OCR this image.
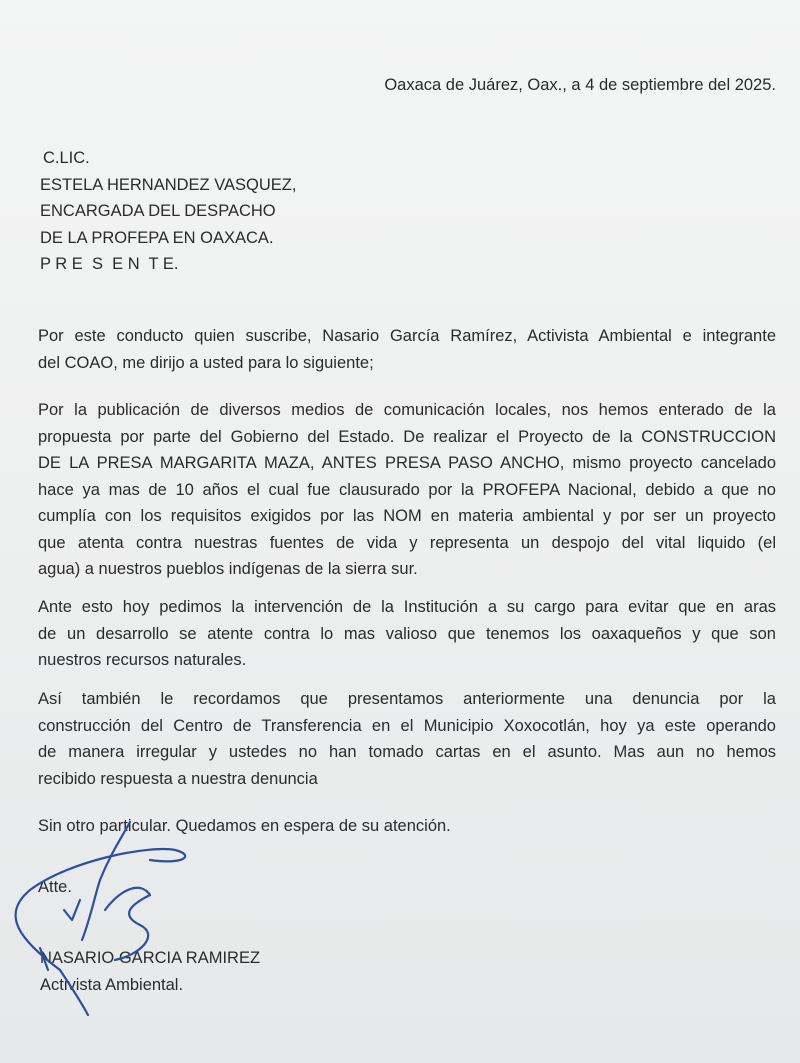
Oaxaca de Juárez, Oax., a 4 de septiembre del 2025.
C.LIC.
ESTELA HERNANDEZ VASQUEZ,
ENCARGADA DEL DESPACHO
DE LA PROFEPA EN OAXACA.
P R E  S  E N  T E.
Por este conducto quien suscribe, Nasario García Ramírez, Activista Ambiental e integrante
del COAO, me dirijo a usted para lo siguiente;
Por la publicación de diversos medios de comunicación locales, nos hemos enterado de la
propuesta por parte del Gobierno del Estado. De realizar el Proyecto de la CONSTRUCCION
DE LA PRESA MARGARITA MAZA, ANTES PRESA PASO ANCHO, mismo proyecto cancelado
hace ya mas de 10 años el cual fue clausurado por la PROFEPA Nacional, debido a que no
cumplía con los requisitos exigidos por las NOM en materia ambiental y por ser un proyecto
que atenta contra nuestras fuentes de vida y representa un despojo del vital liquido (el
agua) a nuestros pueblos indígenas de la sierra sur.
Ante esto hoy pedimos la intervención de la Institución a su cargo para evitar que en aras
de un desarrollo se atente contra lo mas valioso que tenemos los oaxaqueños y que son
nuestros recursos naturales.
Así también le recordamos que presentamos anteriormente una denuncia por la
construcción del Centro de Transferencia en el Municipio Xoxocotlán, hoy ya este operando
de manera irregular y ustedes no han tomado cartas en el asunto. Mas aun no hemos
recibido respuesta a nuestra denuncia
Sin otro particular. Quedamos en espera de su atención.
Atte.
NASARIO GARCIA RAMIREZ
Activista Ambiental.
